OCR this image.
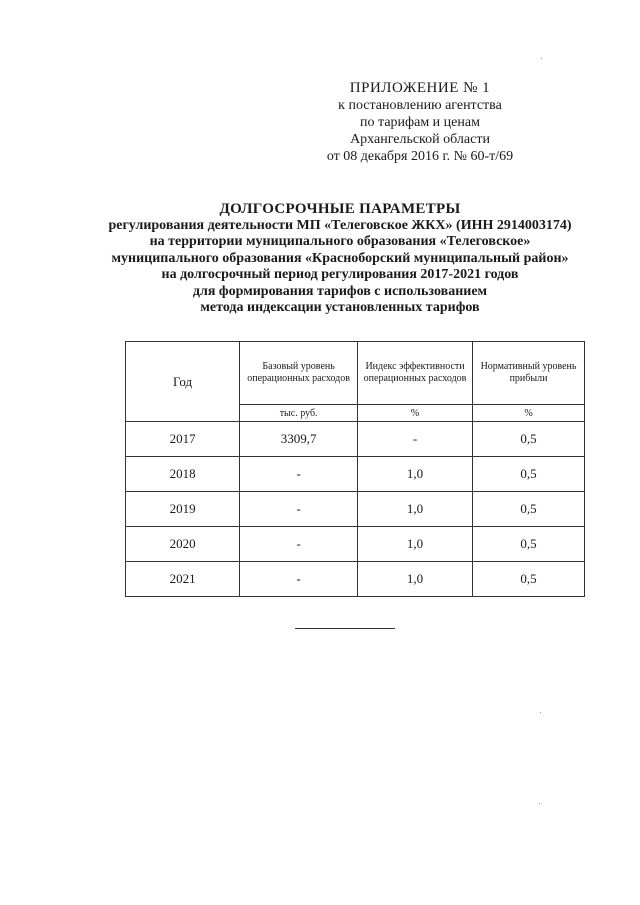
ПРИЛОЖЕНИЕ № 1
к постановлению агентства
по тарифам и ценам
Архангельской области
от 08 декабря 2016 г. № 60-т/69
ДОЛГОСРОЧНЫЕ ПАРАМЕТРЫ
регулирования деятельности МП «Телеговское ЖКХ» (ИНН 2914003174)
на территории муниципального образования «Телеговское»
муниципального образования «Красноборский муниципальный район»
на долгосрочный период регулирования 2017-2021 годов
для формирования тарифов с использованием
метода индексации установленных тарифов
Год	Базовый уровень операционных расходов	Индекс эффективности операционных расходов	Нормативный уровень прибыли
	тыс. руб.	%	%
2017	3309,7	-	0,5
2018	-	1,0	0,5
2019	-	1,0	0,5
2020	-	1,0	0,5
2021	-	1,0	0,5
